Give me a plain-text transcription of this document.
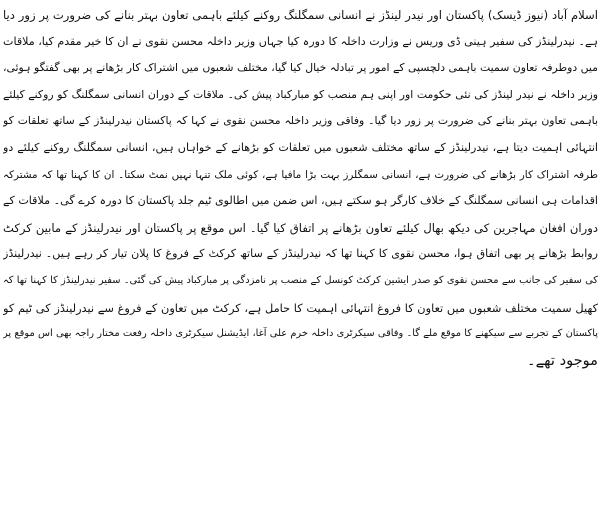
اسلام آباد (نیوز ڈیسک) پاکستان اور نیدر لینڈز نے انسانی سمگلنگ روکنے کیلئے باہمی تعاون بہتر بنانے کی ضرورت پر زور دیا
ہے۔ نیدرلینڈز کی سفیر ہینی ڈی وریس نے وزارت داخلہ کا دورہ کیا جہاں وزیر داخلہ محسن نقوی نے ان کا خیر مقدم کیا، ملاقات
میں دوطرفہ تعاون سمیت باہمی دلچسپی کے امور پر تبادلہ خیال کیا گیا، مختلف شعبوں میں اشتراک کار بڑھانے پر بھی گفتگو ہوئی،
وزیر داخلہ نے نیدر لینڈز کی نئی حکومت اور اپنی ہم منصب کو مبارکباد پیش کی۔ ملاقات کے دوران انسانی سمگلنگ کو روکنے کیلئے
باہمی تعاون بہتر بنانے کی ضرورت پر زور دیا گیا۔ وفاقی وزیر داخلہ محسن نقوی نے کہا کہ پاکستان نیدرلینڈز کے ساتھ تعلقات کو
انتہائی اہمیت دیتا ہے، نیدرلینڈز کے ساتھ مختلف شعبوں میں تعلقات کو بڑھانے کے خواہاں ہیں، انسانی سمگلنگ روکنے کیلئے دو
طرفہ اشتراک کار بڑھانے کی ضرورت ہے، انسانی سمگلرز بہت بڑا مافیا ہے، کوئی ملک تنہا نہیں نمٹ سکتا۔ ان کا کہنا تھا کہ مشترکہ
اقدامات ہی انسانی سمگلنگ کے خلاف کارگر ہو سکتے ہیں، اس ضمن میں اطالوی ٹیم جلد پاکستان کا دورہ کرے گی۔ ملاقات کے
دوران افغان مہاجرین کی دیکھ بھال کیلئے تعاون بڑھانے پر اتفاق کیا گیا۔ اس موقع پر پاکستان اور نیدرلینڈز کے مابین کرکٹ
روابط بڑھانے پر بھی اتفاق ہوا، محسن نقوی کا کہنا تھا کہ نیدرلینڈز کے ساتھ کرکٹ کے فروغ کا پلان تیار کر رہے ہیں۔ نیدرلینڈز
کی سفیر کی جانب سے محسن نقوی کو صدر ایشین کرکٹ کونسل کے منصب پر نامزدگی پر مبارکباد پیش کی گئی۔ سفیر نیدرلینڈز کا کہنا تھا کہ
کھیل سمیت مختلف شعبوں میں تعاون کا فروغ انتہائی اہمیت کا حامل ہے، کرکٹ میں تعاون کے فروغ سے نیدرلینڈز کی ٹیم کو
پاکستان کے تجربے سے سیکھنے کا موقع ملے گا۔ وفاقی سیکرٹری داخلہ خرم علی آغا، ایڈیشنل سیکرٹری داخلہ رفعت مختار راجہ بھی اس موقع پر
موجود تھے۔
